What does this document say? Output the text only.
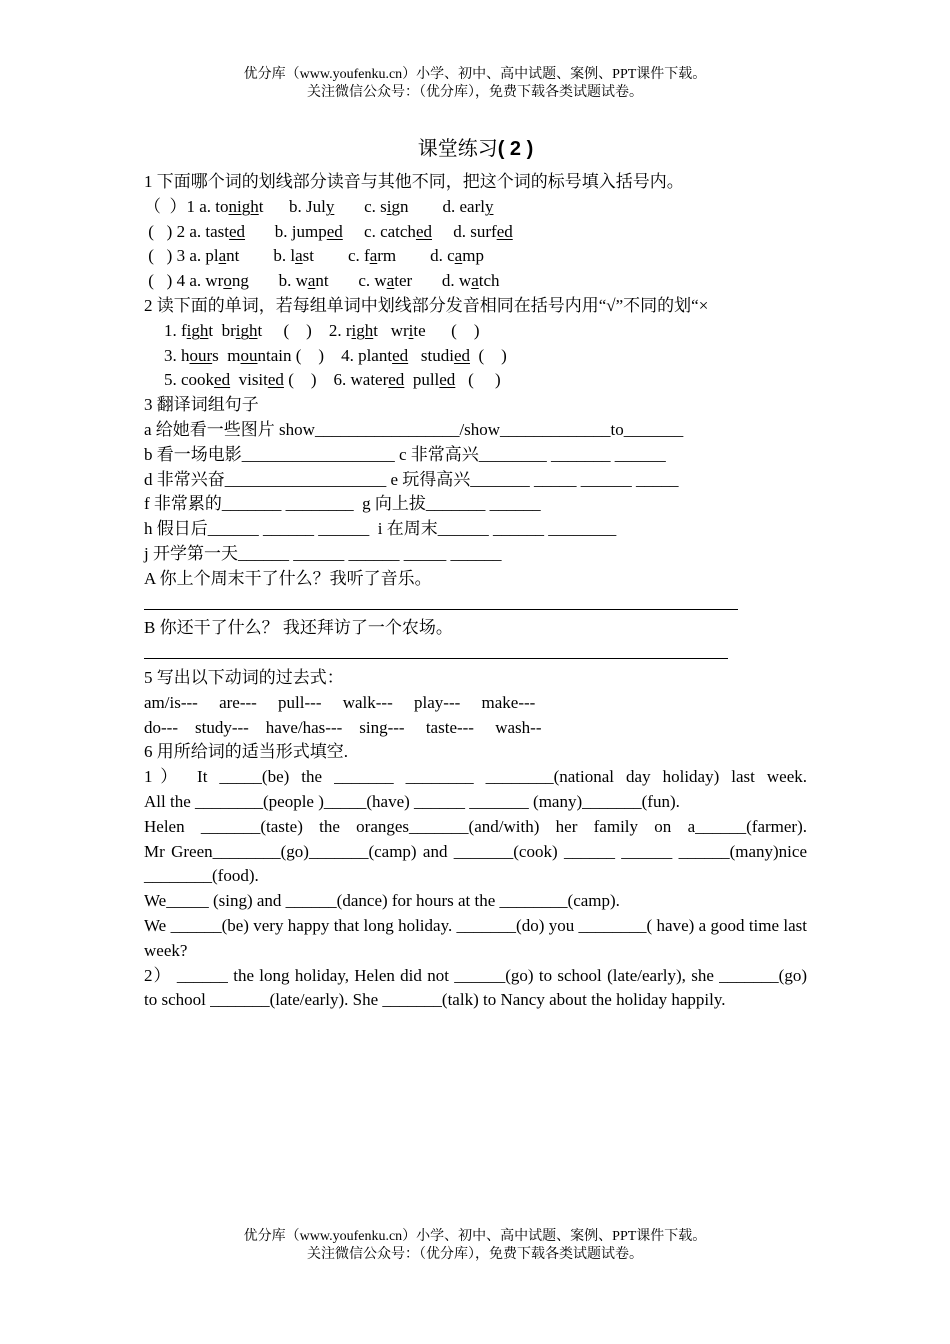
优分库（www.youfenku.cn）小学、初中、高中试题、案例、PPT课件下载。
关注微信公众号：（优分库），免费下载各类试题试卷。
课堂练习( 2 )
1 下面哪个词的划线部分读音与其他不同，把这个词的标号填入括号内。
（  ）1 a. tonight      b. July       c. sign        d. early
(   ) 2 a. tasted       b. jumped     c. catched     d. surfed
(   ) 3 a. plant        b. last        c. farm        d. camp
(   ) 4 a. wrong       b. want       c. water       d. watch
2 读下面的单词，若每组单词中划线部分发音相同在括号内用“√”不同的划“×
1. fight  bright     (    )    2. right   write      (    )
3. hours  mountain (    )    4. planted   studied  (    )
5. cooked  visited (    )    6. watered  pulled   (     )
3 翻译词组句子
a 给她看一些图片 show_________________/show_____________to_______
b 看一场电影__________________ c 非常高兴________ _______ ______
d 非常兴奋___________________ e 玩得高兴_______ _____ ______ _____
f 非常累的_______ ________  g 向上拔_______ ______
h 假日后______ ______ ______  i 在周末______ ______ ________
j 开学第一天______ ______ ______ _____ ______
A 你上个周末干了什么？我听了音乐。
B 你还干了什么？ 我还拜访了一个农场。
5 写出以下动词的过去式：
am/is---     are---     pull---     walk---     play---     make---
do---    study---    have/has---    sing---     taste---     wash--
6 用所给词的适当形式填空.
1） It _____(be) the _______ ________ ________(national day holiday) last week.
All the ________(people )_____(have) ______ _______ (many)_______(fun).
Helen _______(taste) the oranges_______(and/with) her family on a______(farmer).
Mr Green________(go)_______(camp) and _______(cook) ______ ______ ______(many)nice ________(food).
We_____ (sing) and ______(dance) for hours at the ________(camp).
We ______(be) very happy that long holiday. _______(do) you ________( have) a good time last week?
2） ______ the long holiday, Helen did not ______(go) to school (late/early), she _______(go) to school _______(late/early). She _______(talk) to Nancy about the holiday happily.
优分库（www.youfenku.cn）小学、初中、高中试题、案例、PPT课件下载。
关注微信公众号：（优分库），免费下载各类试题试卷。
